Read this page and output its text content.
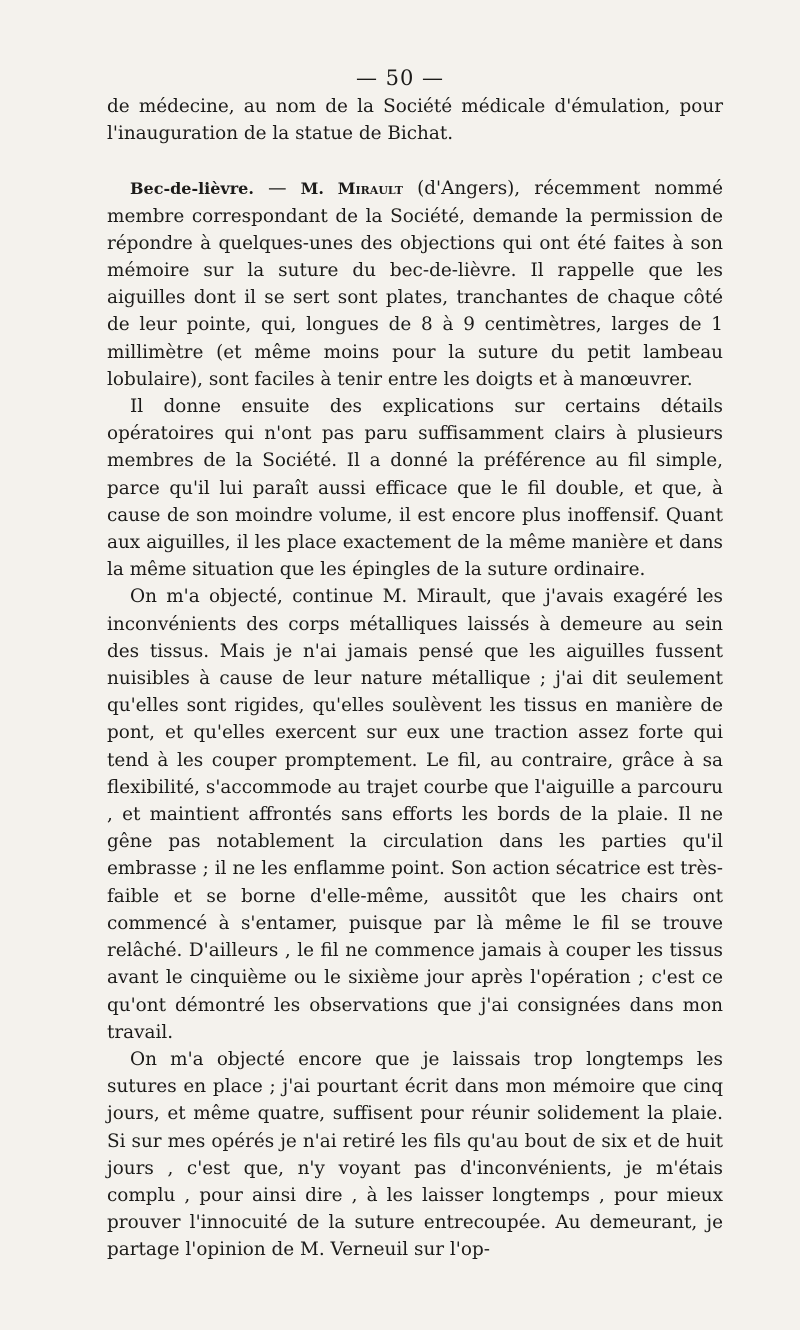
— 50 —

de médecine, au nom de la Société médicale d'émulation, pour l'inauguration de la statue de Bichat.

Bec-de-lièvre. — M. Mirault (d'Angers), récemment nommé membre correspondant de la Société, demande la permission de répondre à quelques-unes des objections qui ont été faites à son mémoire sur la suture du bec-de-lièvre. Il rappelle que les aiguilles dont il se sert sont plates, tranchantes de chaque côté de leur pointe, qui, longues de 8 à 9 centimètres, larges de 1 millimètre (et même moins pour la suture du petit lambeau lobulaire), sont faciles à tenir entre les doigts et à manœuvrer.

Il donne ensuite des explications sur certains détails opératoires qui n'ont pas paru suffisamment clairs à plusieurs membres de la Société. Il a donné la préférence au fil simple, parce qu'il lui paraît aussi efficace que le fil double, et que, à cause de son moindre volume, il est encore plus inoffensif. Quant aux aiguilles, il les place exactement de la même manière et dans la même situation que les épingles de la suture ordinaire.

On m'a objecté, continue M. Mirault, que j'avais exagéré les inconvénients des corps métalliques laissés à demeure au sein des tissus. Mais je n'ai jamais pensé que les aiguilles fussent nuisibles à cause de leur nature métallique ; j'ai dit seulement qu'elles sont rigides, qu'elles soulèvent les tissus en manière de pont, et qu'elles exercent sur eux une traction assez forte qui tend à les couper promptement. Le fil, au contraire, grâce à sa flexibilité, s'accommode au trajet courbe que l'aiguille a parcouru , et maintient affrontés sans efforts les bords de la plaie. Il ne gêne pas notablement la circulation dans les parties qu'il embrasse ; il ne les enflamme point. Son action sécatrice est très-faible et se borne d'elle-même, aussitôt que les chairs ont commencé à s'entamer, puisque par là même le fil se trouve relâché. D'ailleurs , le fil ne commence jamais à couper les tissus avant le cinquième ou le sixième jour après l'opération ; c'est ce qu'ont démontré les observations que j'ai consignées dans mon travail.

On m'a objecté encore que je laissais trop longtemps les sutures en place ; j'ai pourtant écrit dans mon mémoire que cinq jours, et même quatre, suffisent pour réunir solidement la plaie. Si sur mes opérés je n'ai retiré les fils qu'au bout de six et de huit jours , c'est que, n'y voyant pas d'inconvénients, je m'étais complu , pour ainsi dire , à les laisser longtemps , pour mieux prouver l'innocuité de la suture entrecoupée. Au demeurant, je partage l'opinion de M. Verneuil sur l'op-
